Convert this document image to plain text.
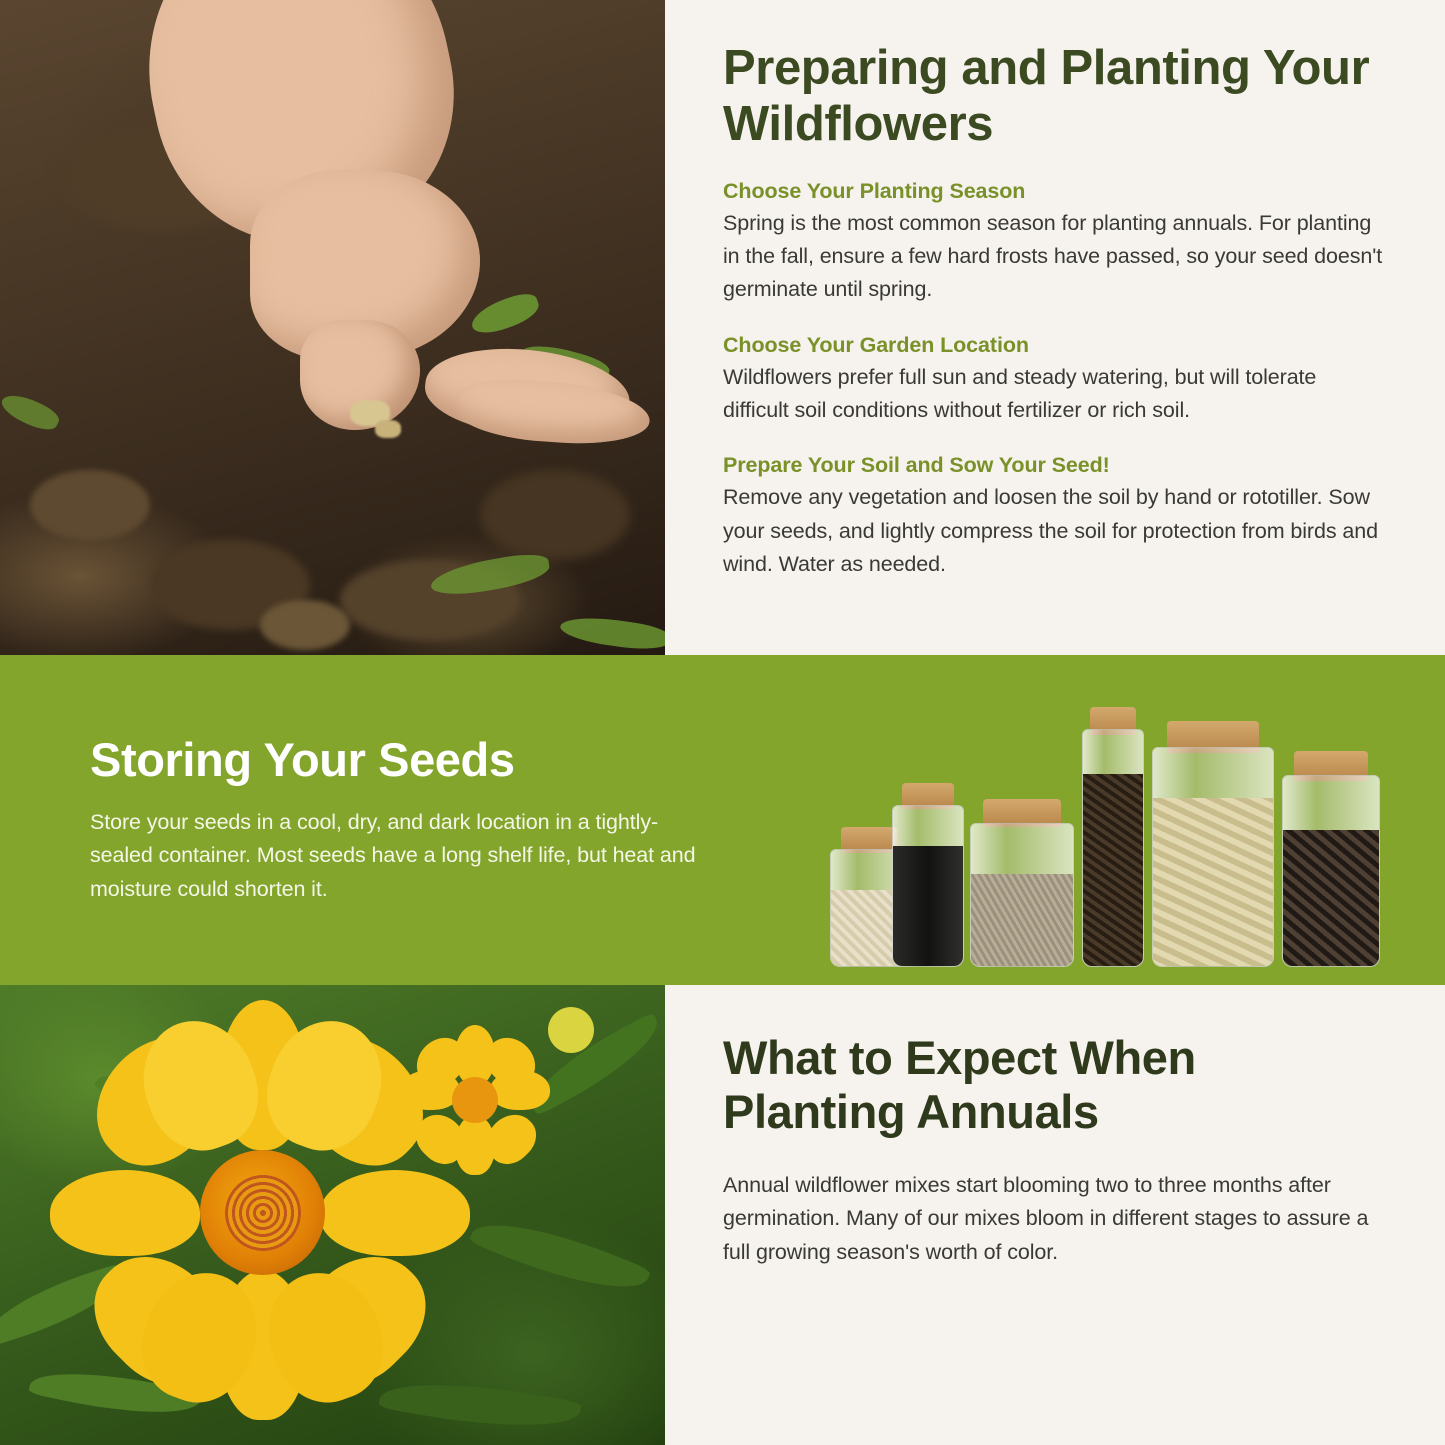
Preparing and Planting Your Wildflowers
Choose Your Planting Season

Spring is the most common season for planting annuals. For planting in the fall, ensure a few hard frosts have passed, so your seed doesn't germinate until spring.

Choose Your Garden Location

Wildflowers prefer full sun and steady watering, but will tolerate difficult soil conditions without fertilizer or rich soil.

Prepare Your Soil and Sow Your Seed!

Remove any vegetation and loosen the soil by hand or rototiller. Sow your seeds, and lightly compress the soil for protection from birds and wind. Water as needed.

Storing Your Seeds

Store your seeds in a cool, dry, and dark location in a tightly-sealed container. Most seeds have a long shelf life, but heat and moisture could shorten it.

What to Expect When Planting Annuals

Annual wildflower mixes start blooming two to three months after germination. Many of our mixes bloom in different stages to assure a full growing season's worth of color.
